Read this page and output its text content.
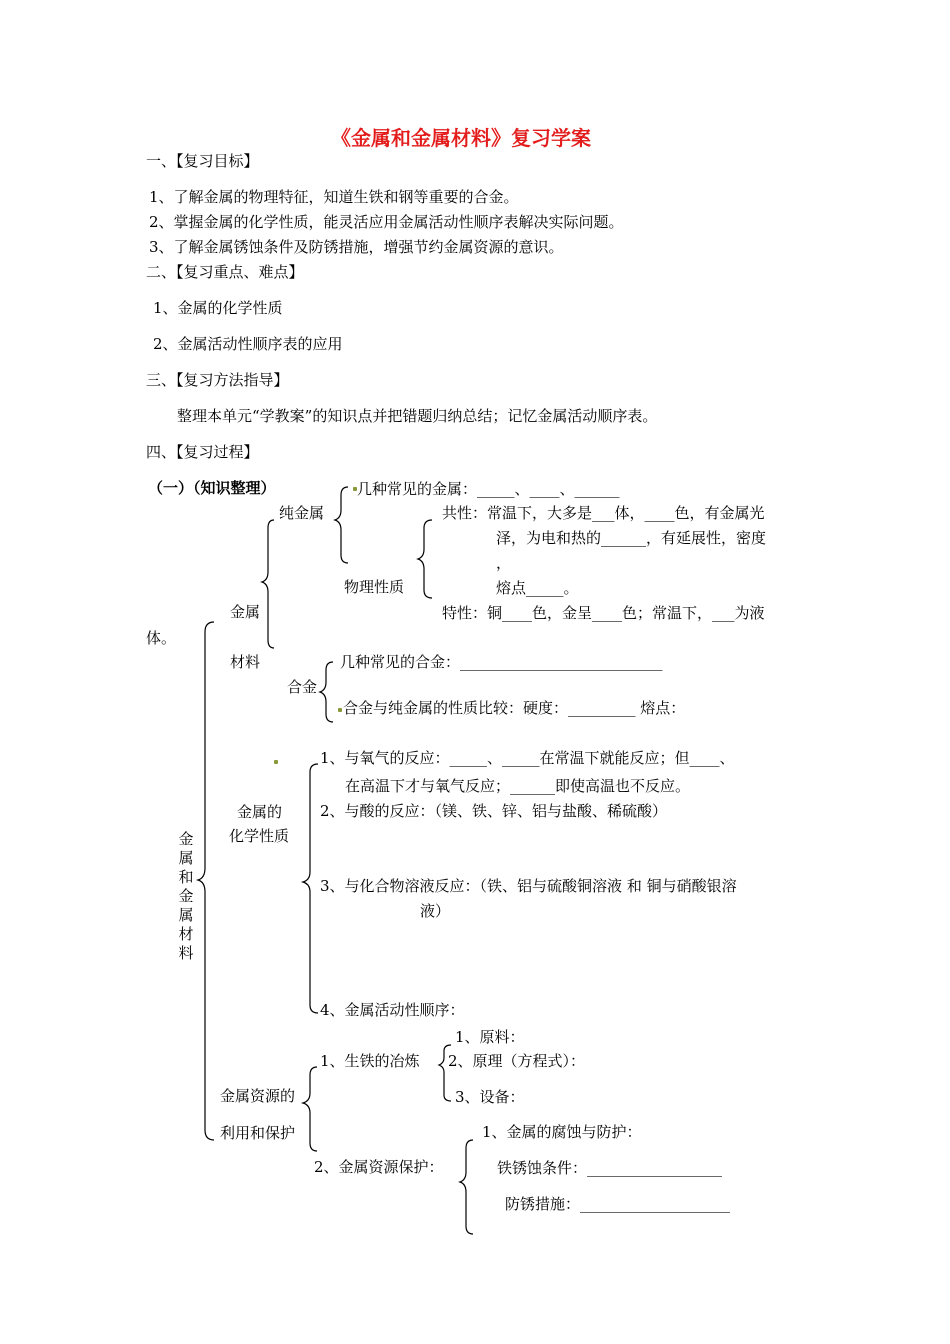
《金属和金属材料》复习学案
一、【复习目标】
1、了解金属的物理特征，知道生铁和钢等重要的合金。
2、掌握金属的化学性质，能灵活应用金属活动性顺序表解决实际问题。
3、了解金属锈蚀条件及防锈措施，增强节约金属资源的意识。
二、【复习重点、难点】
1、金属的化学性质
2、金属活动性顺序表的应用
三、【复习方法指导】
整理本单元“学教案”的知识点并把错题归纳总结；记忆金属活动顺序表。
四、【复习过程】
（一）（知识整理）
金属和金属材料
金属
材料
纯金属
几种常见的金属：_____、____、______
物理性质
共性：常温下，大多是___体，____色，有金属光
泽，为电和热的______，有延展性，密度
，
熔点_____。
特性：铜____色，金呈____色；常温下，___为液
体。
合金
几种常见的合金：___________________________
合金与纯金属的性质比较：硬度：_________ 熔点：
金属的
化学性质
1、与氧气的反应：_____、_____在常温下就能反应；但____、
在高温下才与氧气反应；______即使高温也不反应。
2、与酸的反应：（镁、铁、锌、铝与盐酸、稀硫酸）
3、与化合物溶液反应：（铁、铝与硫酸铜溶液 和 铜与硝酸银溶
液）
4、金属活动性顺序：
金属资源的
利用和保护
1、生铁的冶炼
1、原料：
2、原理（方程式）：
3、设备：
2、金属资源保护：
1、金属的腐蚀与防护：
铁锈蚀条件：__________________
防锈措施：____________________
